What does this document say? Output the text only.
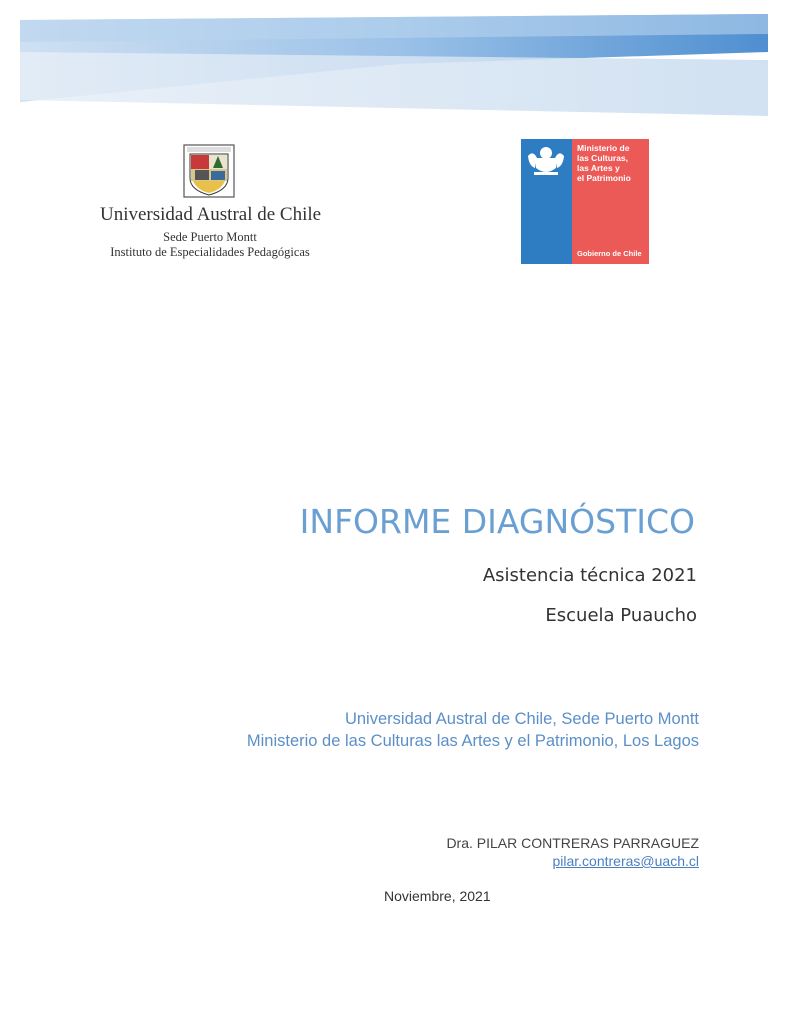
Universidad Austral de Chile
Sede Puerto Montt
Instituto de Especialidades Pedagógicas
Ministerio de
las Culturas,
las Artes y
el Patrimonio
Gobierno de Chile
INFORME DIAGNÓSTICO
Asistencia técnica 2021
Escuela Puaucho
Universidad Austral de Chile, Sede Puerto Montt
Ministerio de las Culturas las Artes y el Patrimonio, Los Lagos
Dra. PILAR CONTRERAS PARRAGUEZ
pilar.contreras@uach.cl
Noviembre, 2021
